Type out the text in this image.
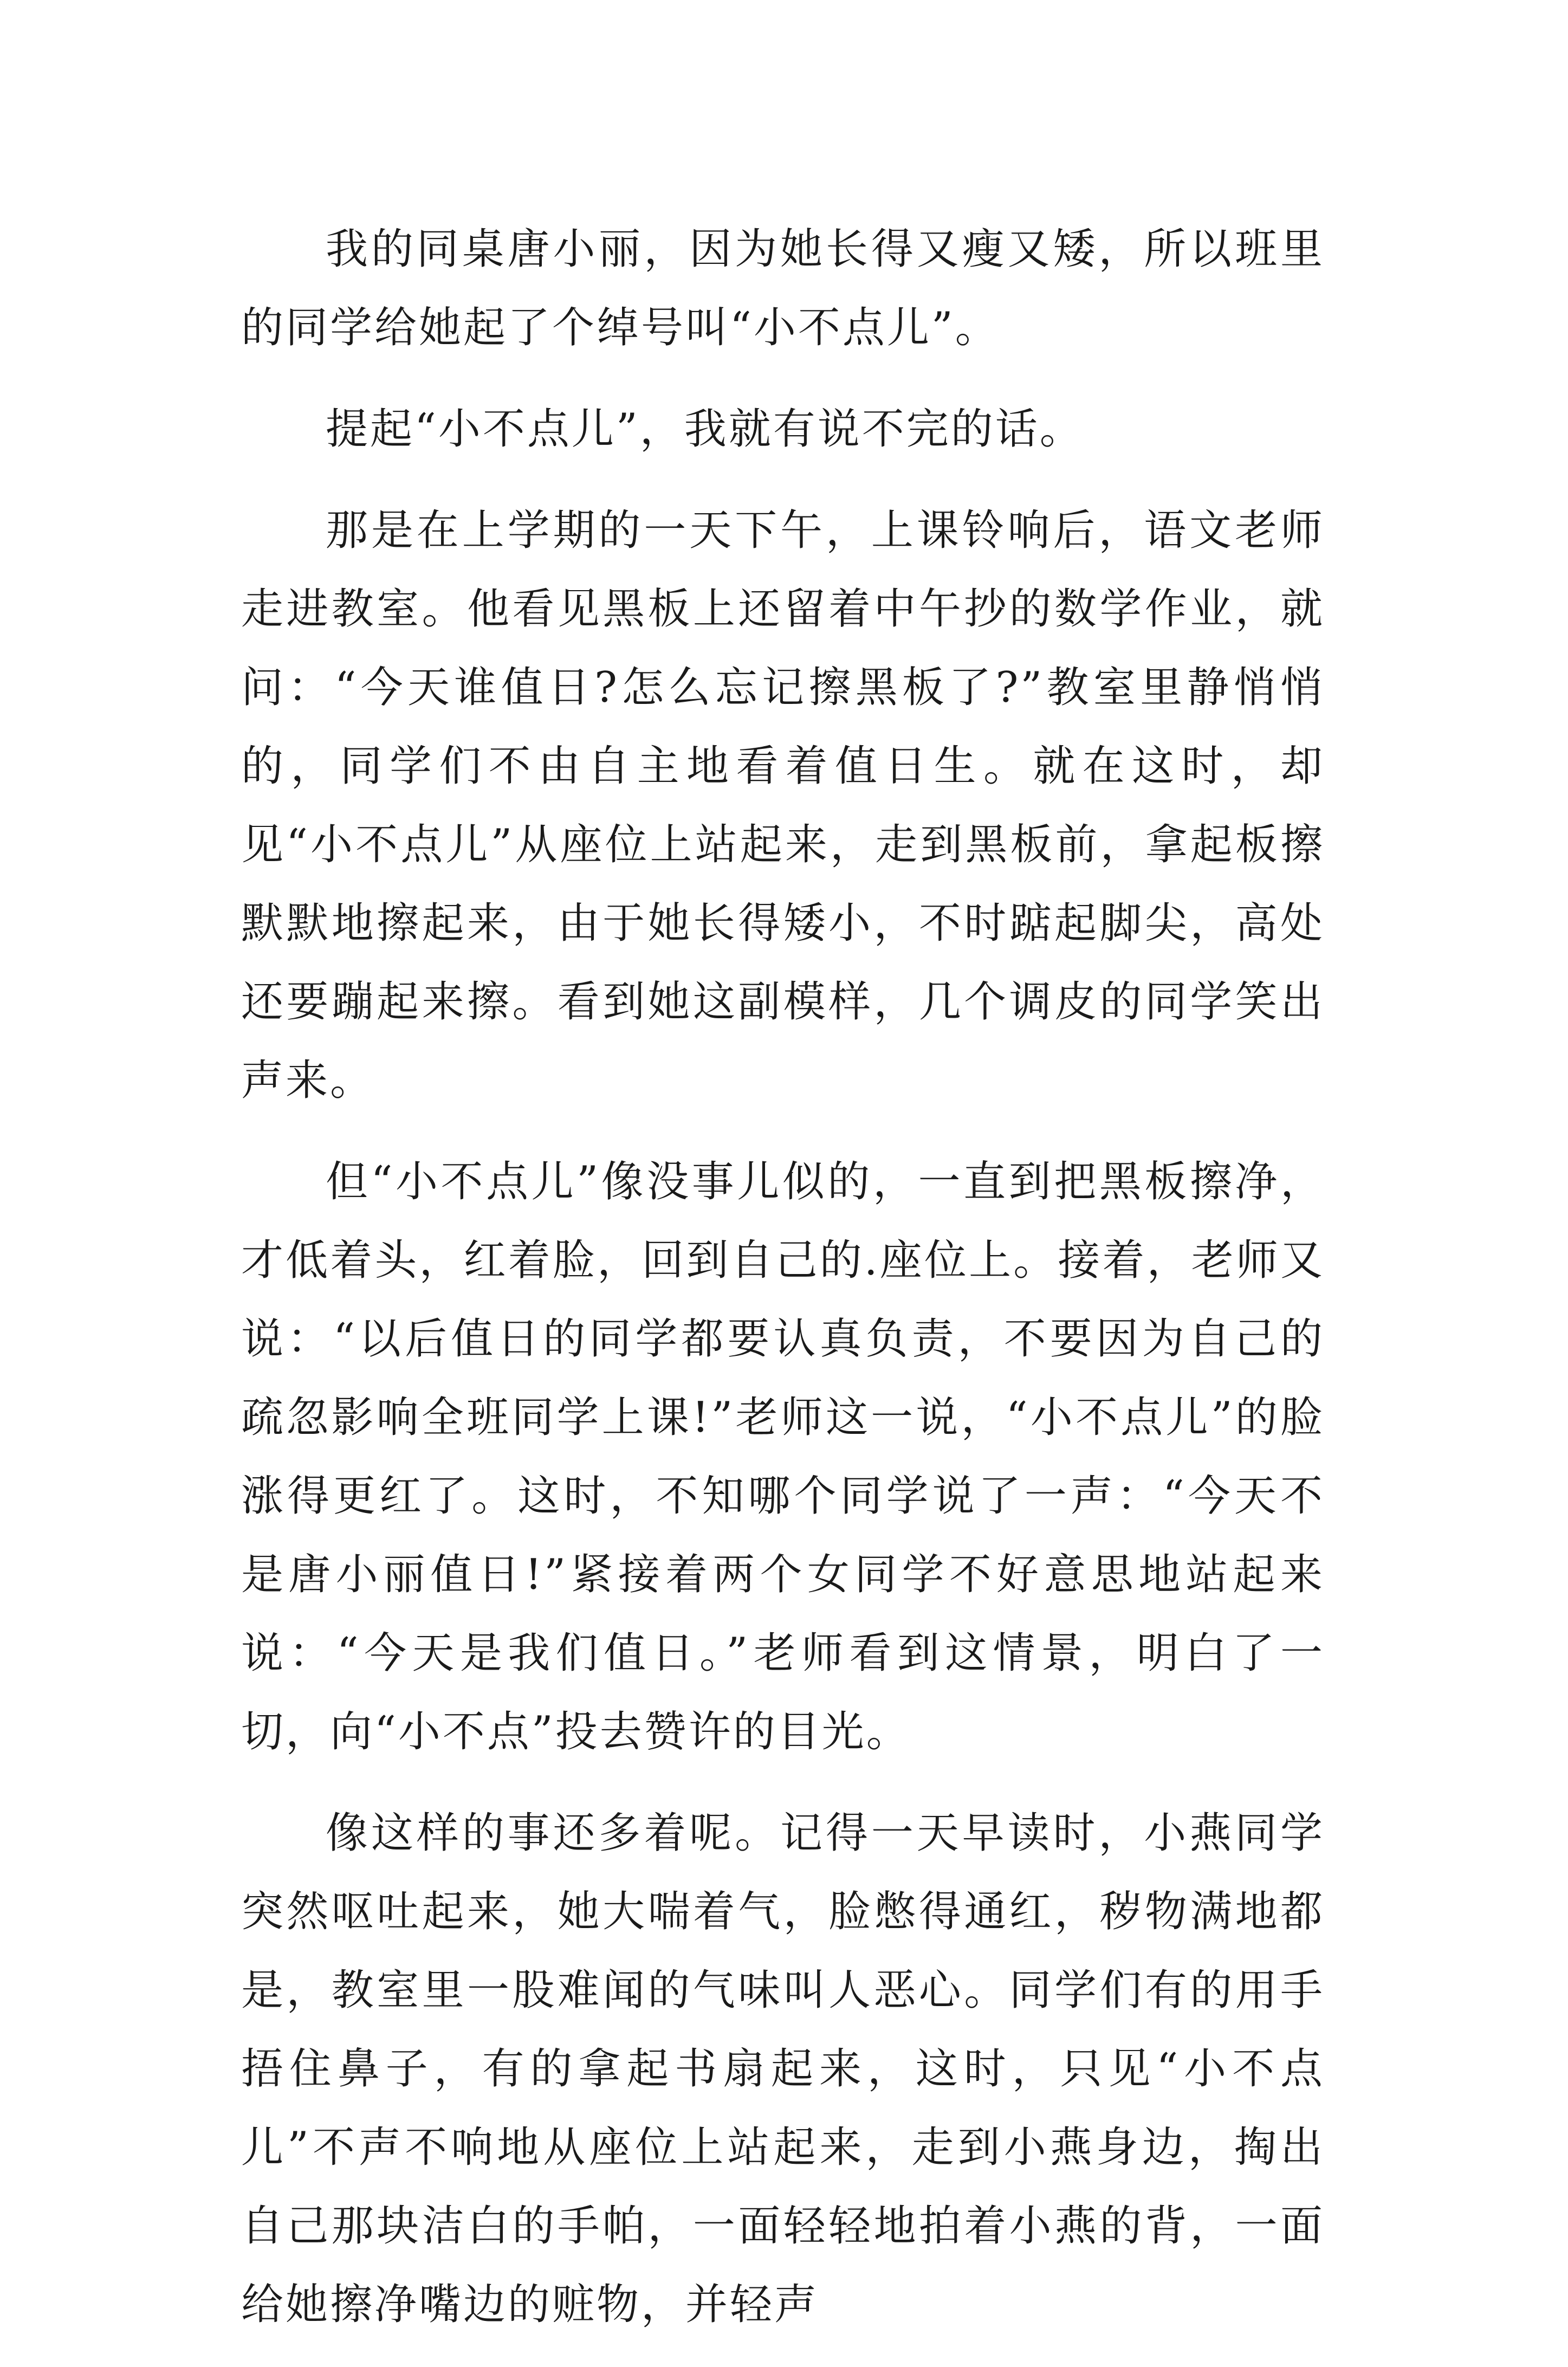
我的同桌唐小丽，因为她长得又瘦又矮，所以班里的同学给她起了个绰号叫“小不点儿”。

提起“小不点儿”，我就有说不完的话。

那是在上学期的一天下午，上课铃响后，语文老师走进教室。他看见黑板上还留着中午抄的数学作业，就问：“今天谁值日?怎么忘记擦黑板了?”教室里静悄悄的，同学们不由自主地看着值日生。就在这时，却见“小不点儿”从座位上站起来，走到黑板前，拿起板擦默默地擦起来，由于她长得矮小，不时踮起脚尖，高处还要蹦起来擦。看到她这副模样，几个调皮的同学笑出声来。

但“小不点儿”像没事儿似的，一直到把黑板擦净，才低着头，红着脸，回到自己的.座位上。接着，老师又说：“以后值日的同学都要认真负责，不要因为自己的疏忽影响全班同学上课!”老师这一说，“小不点儿”的脸涨得更红了。这时，不知哪个同学说了一声：“今天不是唐小丽值日!”紧接着两个女同学不好意思地站起来说：“今天是我们值日。”老师看到这情景，明白了一切，向“小不点”投去赞许的目光。

像这样的事还多着呢。记得一天早读时，小燕同学突然呕吐起来，她大喘着气，脸憋得通红，秽物满地都是，教室里一股难闻的气味叫人恶心。同学们有的用手捂住鼻子，有的拿起书扇起来，这时，只见“小不点儿”不声不响地从座位上站起来，走到小燕身边，掏出自己那块洁白的手帕，一面轻轻地拍着小燕的背，一面给她擦净嘴边的赃物，并轻声
